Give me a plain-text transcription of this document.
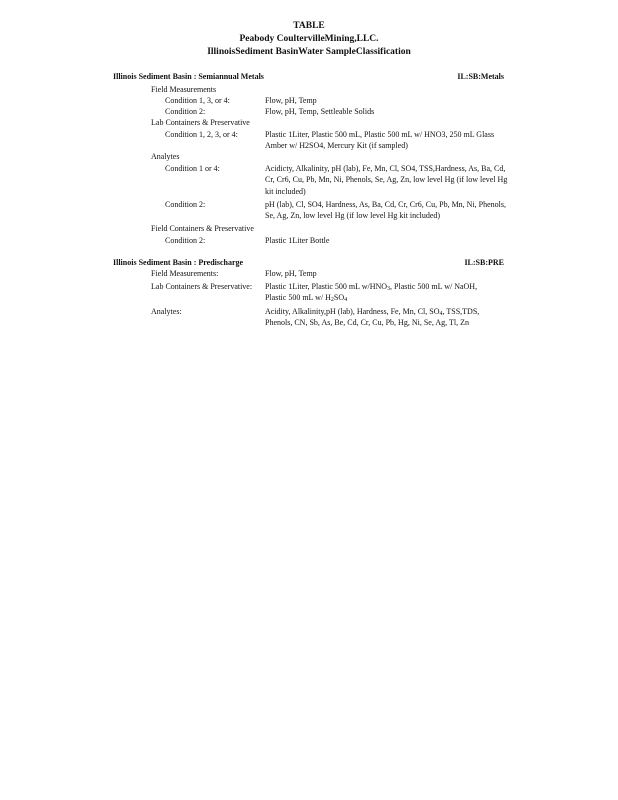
TABLE
Peabody CoultervilleMining,LLC.
IllinoisSediment BasinWater SampleClassification
Illinois Sediment Basin : Semiannual Metals	IL:SB:Metals
Field Measurements
Condition 1, 3, or 4:	Flow, pH, Temp
Condition 2:	Flow, pH, Temp, Settleable Solids
Lab Containers & Preservative
Condition 1, 2, 3, or 4:	Plastic 1Liter, Plastic 500 mL, Plastic 500 mL w/ HNO3, 250 mL Glass Amber w/ H2SO4, Mercury Kit (if sampled)
Analytes
Condition 1 or 4:	Acidicty, Alkalinity, pH (lab), Fe, Mn, Cl, SO4, TSS,Hardness, As, Ba, Cd, Cr, Cr6, Cu, Pb, Mn, Ni, Phenols, Se, Ag, Zn, low level Hg (if low level Hg kit included)
Condition 2:	pH (lab), Cl, SO4, Hardness, As, Ba, Cd, Cr, Cr6, Cu, Pb, Mn, Ni, Phenols, Se, Ag, Zn, low level Hg (if low level Hg kit included)
Field Containers & Preservative
Condition 2:	Plastic 1Liter Bottle
Illinois Sediment Basin : Predischarge	IL:SB:PRE
Field Measurements:	Flow, pH, Temp
Lab Containers & Preservative: Plastic 1Liter, Plastic 500 mL $w/HNO_3$, Plastic 500 mL w/ NaOH,
Plastic 500 mL w/ $H_2SO_4$
Analytes:	Acidity, Alkalinity,pH (lab), Hardness, Fe, Mn, Cl, $SO_4$, TSS,TDS,
Phenols, CN, Sb, As, Be, Cd, Cr, Cu, Pb, Hg, Ni, Se, Ag, Tl, Zn
